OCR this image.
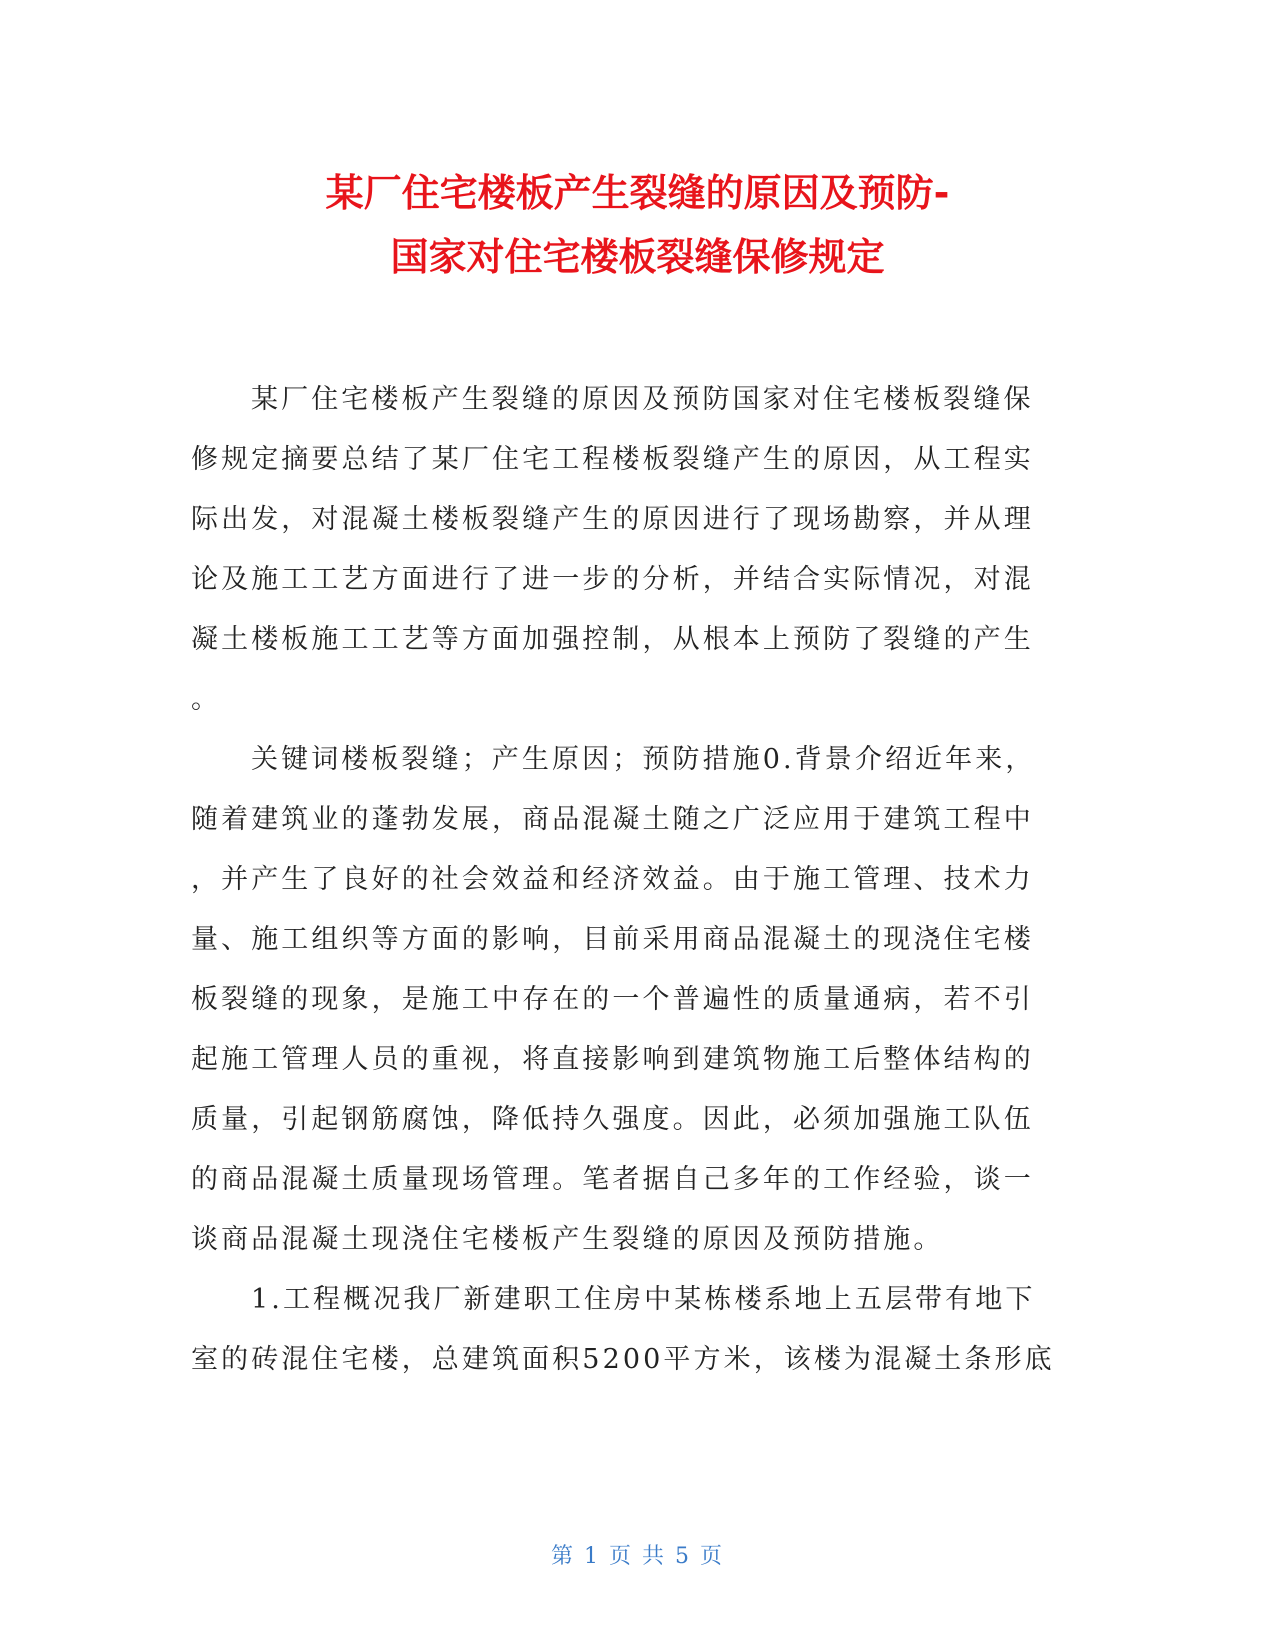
某厂住宅楼板产生裂缝的原因及预防-
国家对住宅楼板裂缝保修规定
某厂住宅楼板产生裂缝的原因及预防国家对住宅楼板裂缝保
修规定摘要总结了某厂住宅工程楼板裂缝产生的原因，从工程实
际出发，对混凝土楼板裂缝产生的原因进行了现场勘察，并从理
论及施工工艺方面进行了进一步的分析，并结合实际情况，对混
凝土楼板施工工艺等方面加强控制，从根本上预防了裂缝的产生
。
关键词楼板裂缝；产生原因；预防措施0.背景介绍近年来，
随着建筑业的蓬勃发展，商品混凝土随之广泛应用于建筑工程中
，并产生了良好的社会效益和经济效益。由于施工管理、技术力
量、施工组织等方面的影响，目前采用商品混凝土的现浇住宅楼
板裂缝的现象，是施工中存在的一个普遍性的质量通病，若不引
起施工管理人员的重视，将直接影响到建筑物施工后整体结构的
质量，引起钢筋腐蚀，降低持久强度。因此，必须加强施工队伍
的商品混凝土质量现场管理。笔者据自己多年的工作经验，谈一
谈商品混凝土现浇住宅楼板产生裂缝的原因及预防措施。
1.工程概况我厂新建职工住房中某栋楼系地上五层带有地下
室的砖混住宅楼，总建筑面积5200平方米，该楼为混凝土条形底
第 1 页 共 5 页
